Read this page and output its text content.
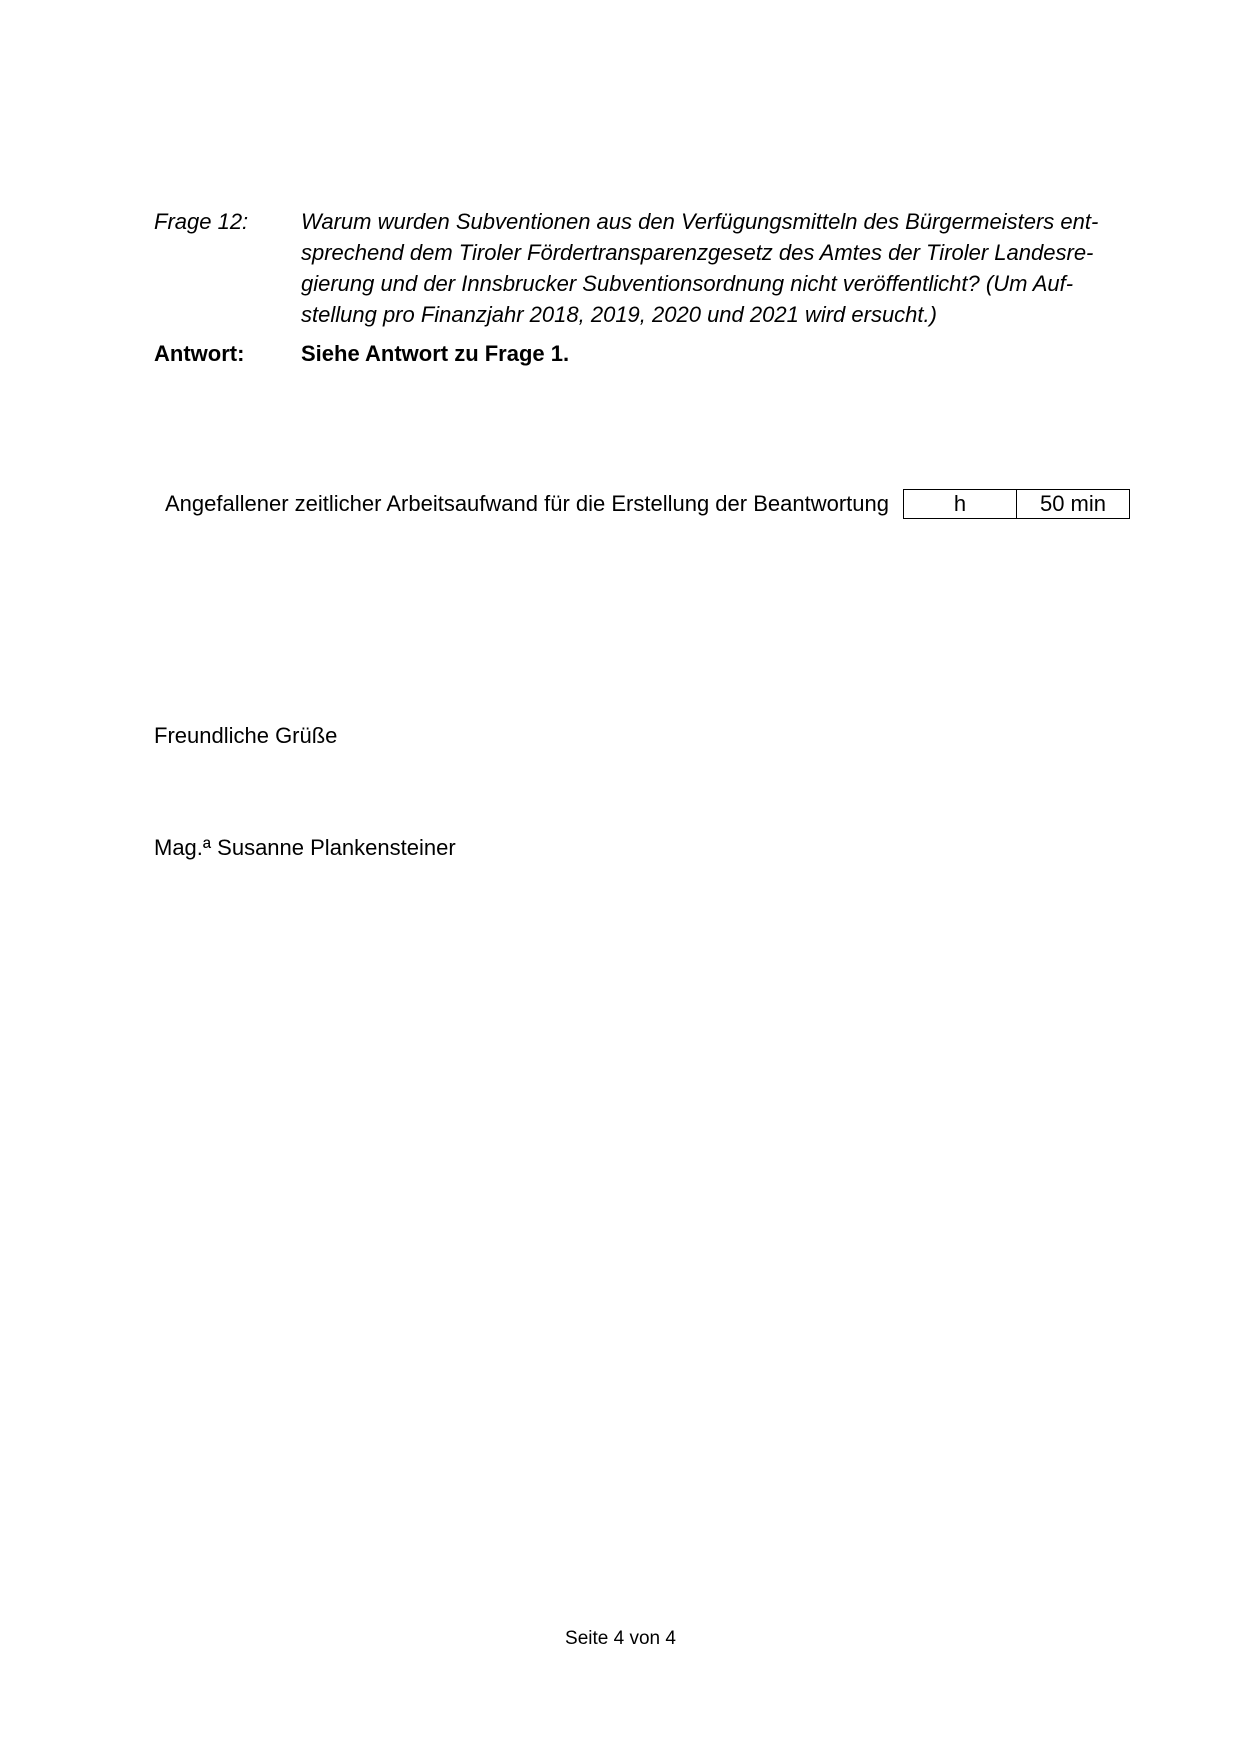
Frage 12:	Warum wurden Subventionen aus den Verfügungsmitteln des Bürgermeisters ent-
sprechend dem Tiroler Fördertransparenzgesetz des Amtes der Tiroler Landesre-
gierung und der Innsbrucker Subventionsordnung nicht veröffentlicht? (Um Auf-
stellung pro Finanzjahr 2018, 2019, 2020 und 2021 wird ersucht.)
Antwort:	Siehe Antwort zu Frage 1.
Angefallener zeitlicher Arbeitsaufwand für die Erstellung der Beantwortung	h	50 min
Freundliche Grüße
Mag.ª Susanne Plankensteiner
Seite 4 von 4
